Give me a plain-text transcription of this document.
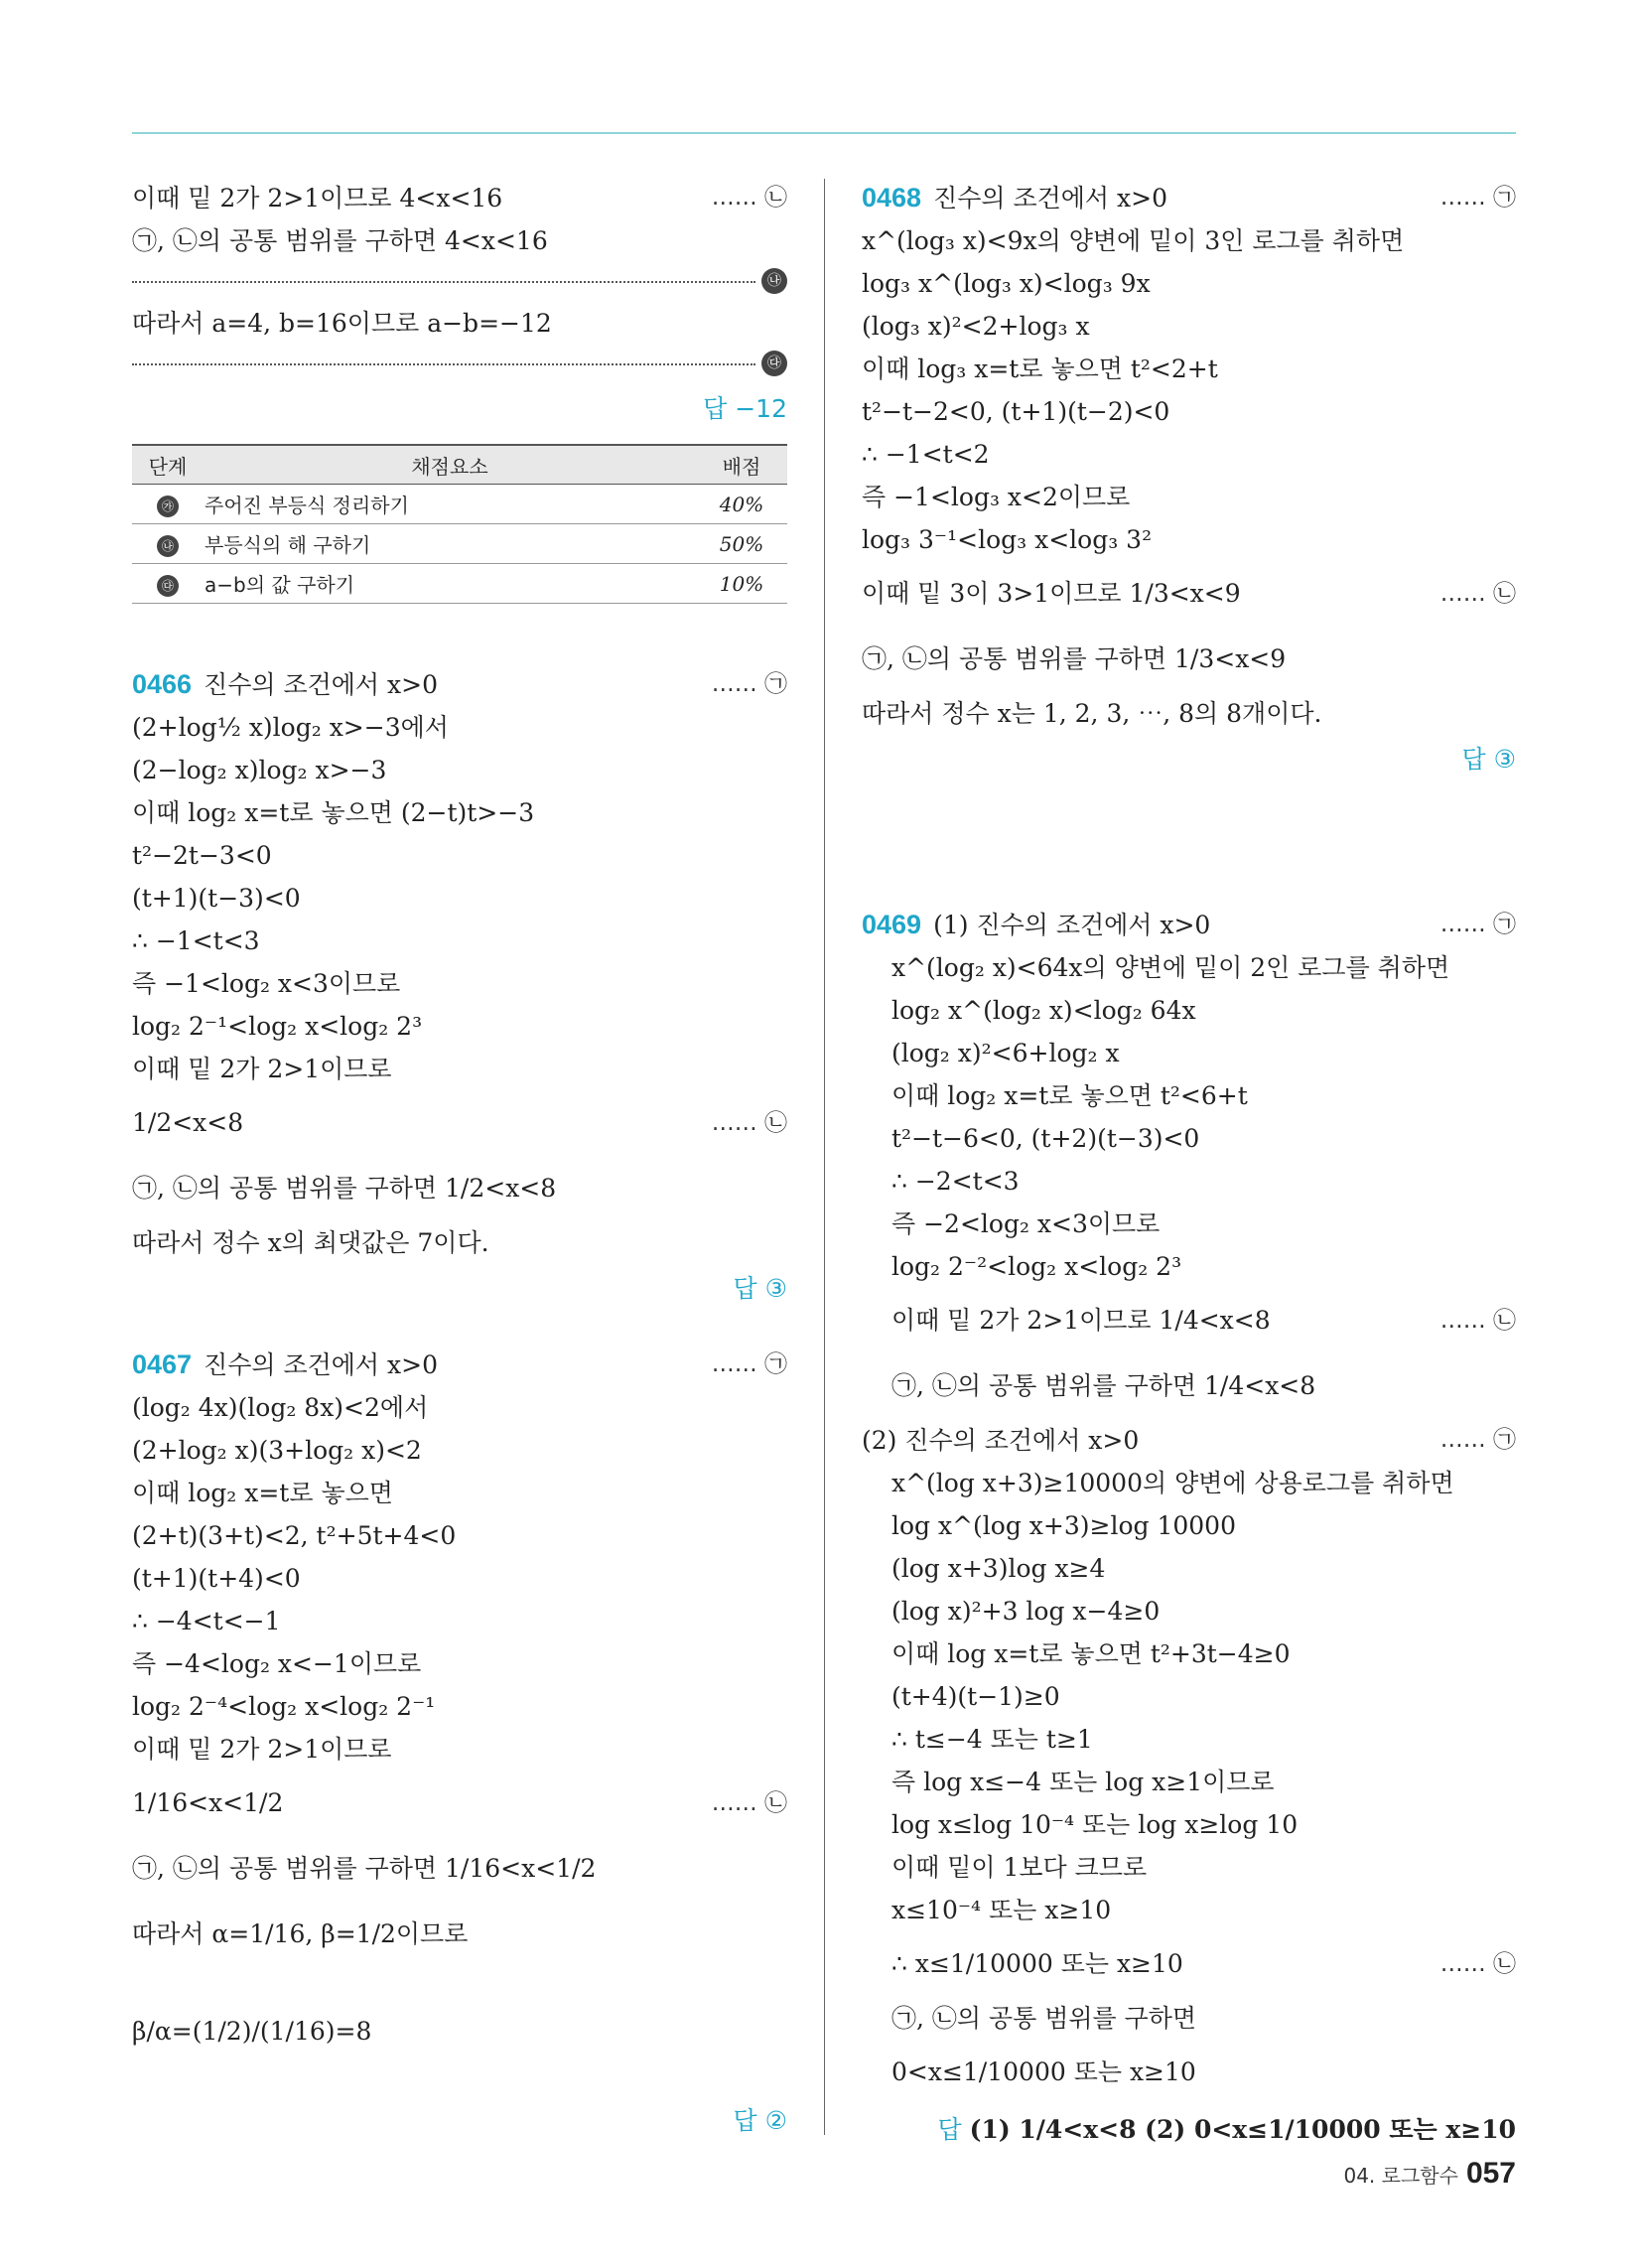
이때 밑 2가 2>1이므로 4<x<16	…… ㉡
㉠, ㉡의 공통 범위를 구하면 4<x<16
㉯
따라서 a=4, b=16이므로 a−b=−12
㉰
답 −12
단계	채점요소	배점
㉮	주어진 부등식 정리하기	40%
㉯	부등식의 해 구하기	50%
㉰	a−b의 값 구하기	10%
0466 진수의 조건에서 x>0	…… ㉠
(2+log½ x)log₂ x>−3에서
(2−log₂ x)log₂ x>−3
이때 log₂ x=t로 놓으면 (2−t)t>−3
t²−2t−3<0
(t+1)(t−3)<0
∴ −1<t<3
즉 −1<log₂ x<3이므로
log₂ 2⁻¹<log₂ x<log₂ 2³
이때 밑 2가 2>1이므로
1/2<x<8	…… ㉡
㉠, ㉡의 공통 범위를 구하면 1/2<x<8
따라서 정수 x의 최댓값은 7이다.
답 ③
0467 진수의 조건에서 x>0	…… ㉠
(log₂ 4x)(log₂ 8x)<2에서
(2+log₂ x)(3+log₂ x)<2
이때 log₂ x=t로 놓으면
(2+t)(3+t)<2, t²+5t+4<0
(t+1)(t+4)<0
∴ −4<t<−1
즉 −4<log₂ x<−1이므로
log₂ 2⁻⁴<log₂ x<log₂ 2⁻¹
이때 밑 2가 2>1이므로
1/16<x<1/2	…… ㉡
㉠, ㉡의 공통 범위를 구하면 1/16<x<1/2
따라서 α=1/16, β=1/2이므로
β/α=(1/2)/(1/16)=8
답 ②
0468 진수의 조건에서 x>0	…… ㉠
x^(log₃ x)<9x의 양변에 밑이 3인 로그를 취하면
log₃ x^(log₃ x)<log₃ 9x
(log₃ x)²<2+log₃ x
이때 log₃ x=t로 놓으면 t²<2+t
t²−t−2<0, (t+1)(t−2)<0
∴ −1<t<2
즉 −1<log₃ x<2이므로
log₃ 3⁻¹<log₃ x<log₃ 3²
이때 밑 3이 3>1이므로 1/3<x<9	…… ㉡
㉠, ㉡의 공통 범위를 구하면 1/3<x<9
따라서 정수 x는 1, 2, 3, ⋯, 8의 8개이다.
답 ③
0469 (1) 진수의 조건에서 x>0	…… ㉠
x^(log₂ x)<64x의 양변에 밑이 2인 로그를 취하면
log₂ x^(log₂ x)<log₂ 64x
(log₂ x)²<6+log₂ x
이때 log₂ x=t로 놓으면 t²<6+t
t²−t−6<0, (t+2)(t−3)<0
∴ −2<t<3
즉 −2<log₂ x<3이므로
log₂ 2⁻²<log₂ x<log₂ 2³
이때 밑 2가 2>1이므로 1/4<x<8	…… ㉡
㉠, ㉡의 공통 범위를 구하면 1/4<x<8
(2) 진수의 조건에서 x>0	…… ㉠
x^(log x+3)≥10000의 양변에 상용로그를 취하면
log x^(log x+3)≥log 10000
(log x+3)log x≥4
(log x)²+3 log x−4≥0
이때 log x=t로 놓으면 t²+3t−4≥0
(t+4)(t−1)≥0
∴ t≤−4 또는 t≥1
즉 log x≤−4 또는 log x≥1이므로
log x≤log 10⁻⁴ 또는 log x≥log 10
이때 밑이 1보다 크므로
x≤10⁻⁴ 또는 x≥10
∴ x≤1/10000 또는 x≥10	…… ㉡
㉠, ㉡의 공통 범위를 구하면
0<x≤1/10000 또는 x≥10
답 (1) 1/4<x<8 (2) 0<x≤1/10000 또는 x≥10
04. 로그함수 057
